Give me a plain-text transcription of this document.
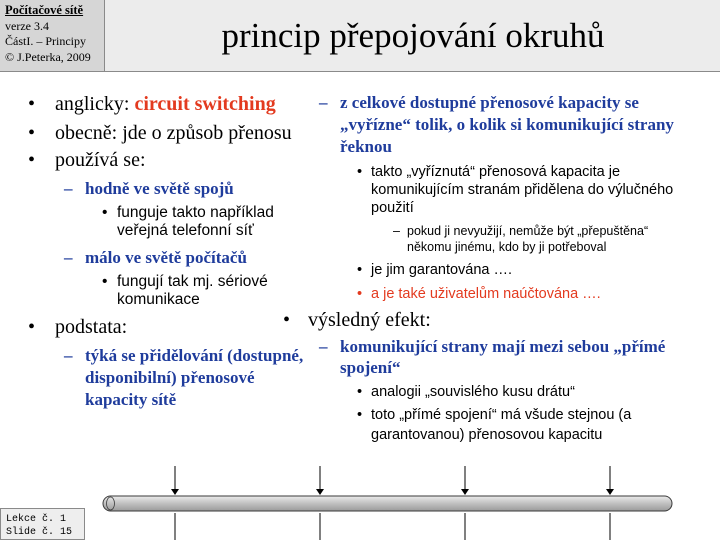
Počítačové sítě
verze 3.4
ČástI. – Principy
© J.Peterka, 2009
princip přepojování okruhů
• anglicky: circuit switching
• obecně: jde o způsob přenosu
• používá se:
– hodně ve světě spojů
• funguje takto například
veřejná telefonní síť
– málo ve světě počítačů
• fungují tak mj. sériové
komunikace
• podstata:
– týká se přidělování (dostupné,
disponibilní) přenosové
kapacity sítě
– z celkové dostupné přenosové kapacity se
„vyřízne“ tolik, o kolik si komunikující strany
řeknou
• takto „vyříznutá“ přenosová kapacita je
komunikujícím stranám přidělena do výlučného
použití
– pokud ji nevyužijí, nemůže být „přepuštěna“
někomu jinému, kdo by ji potřeboval
• je jim garantována ….
• a je také uživatelům naúčtována ….
• výsledný efekt:
– komunikující strany mají mezi sebou „přímé
spojení“
• analogii „souvislého kusu drátu“
• toto „přímé spojení“ má všude stejnou (a
garantovanou) přenosovou kapacitu
Lekce č. 1
Slide č. 15
